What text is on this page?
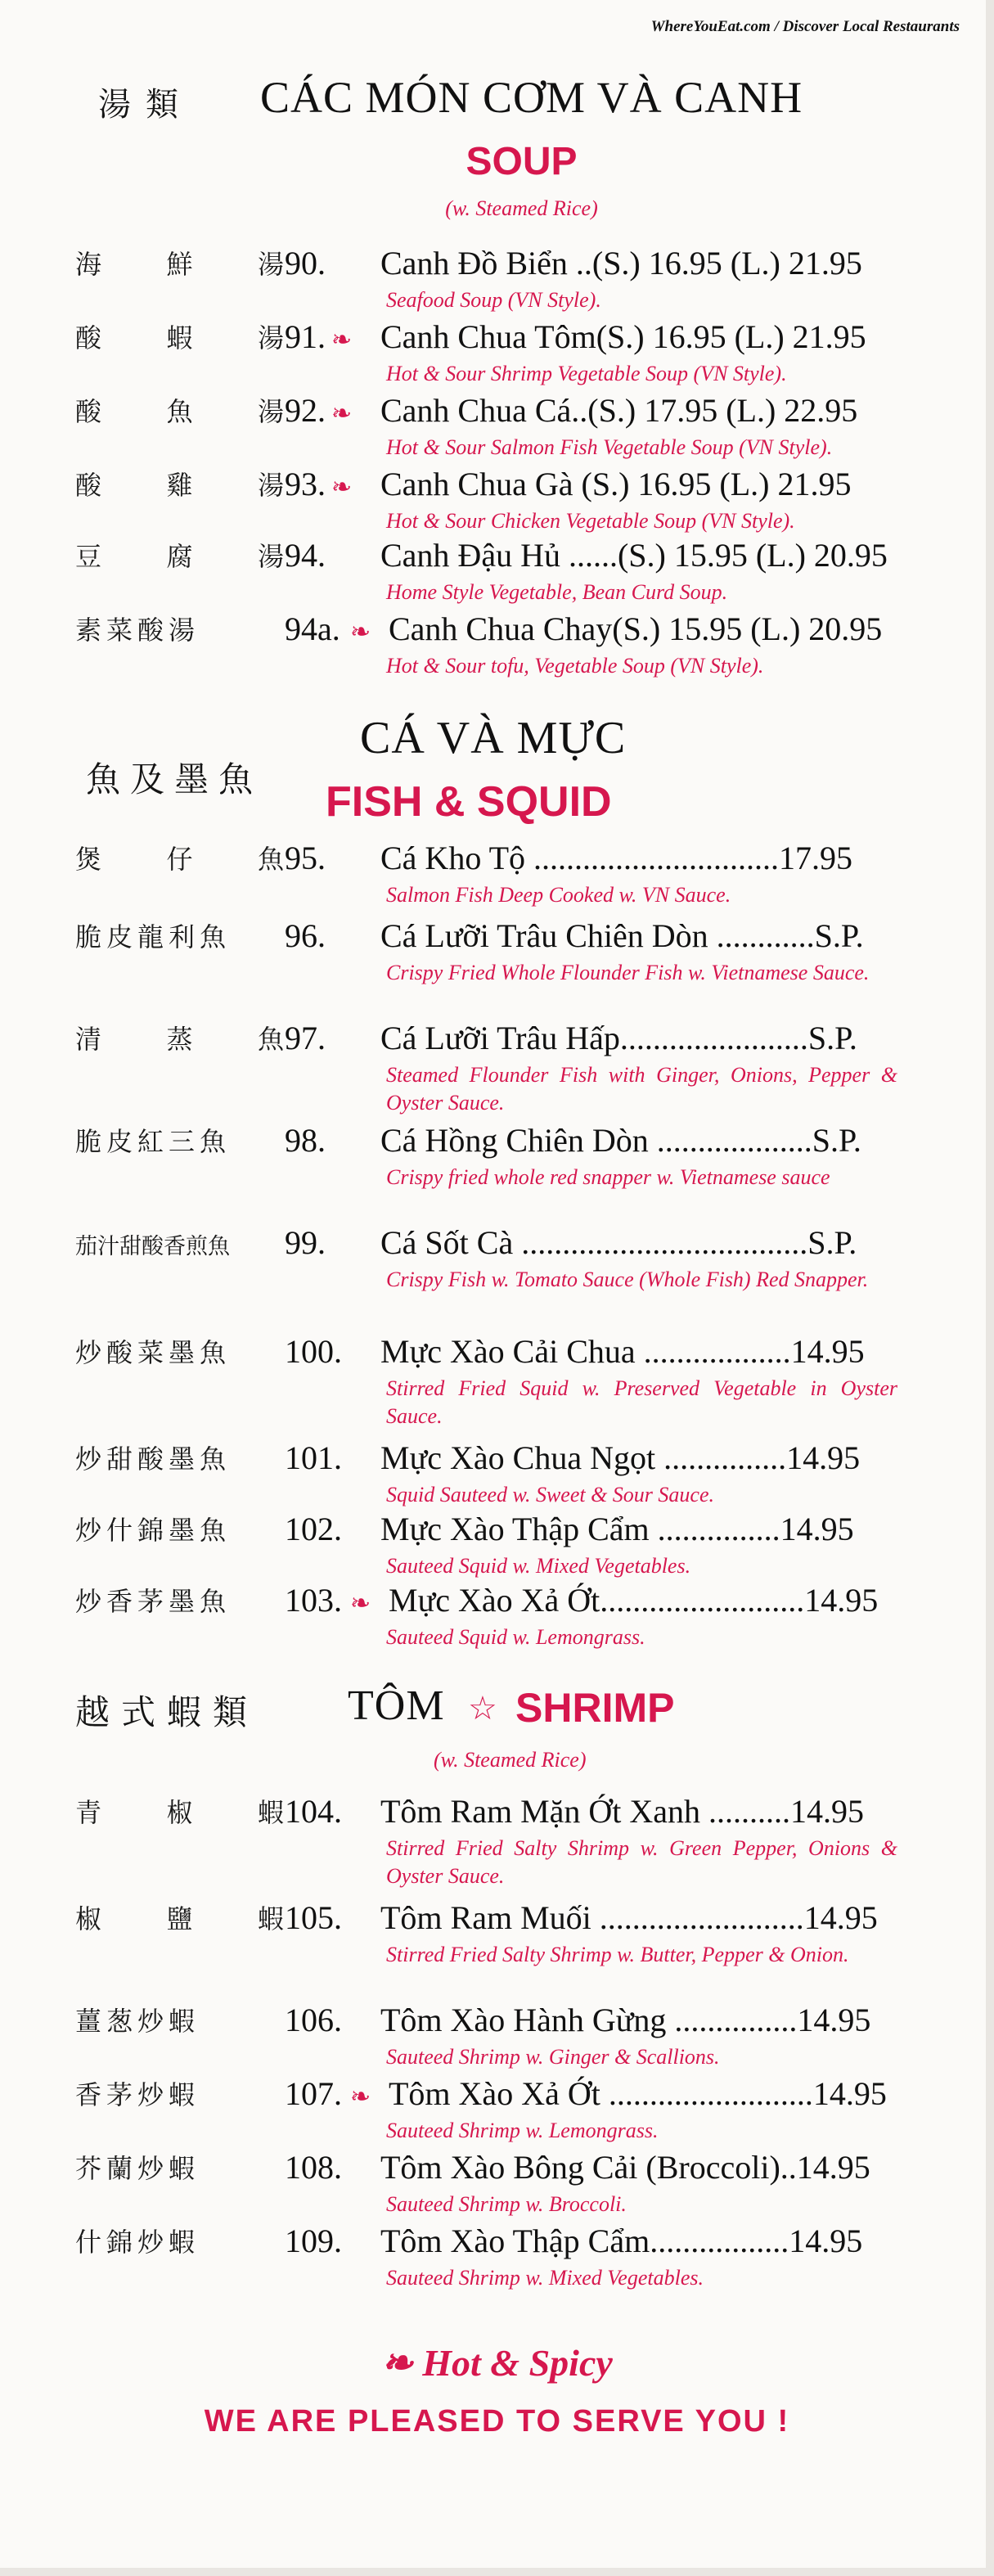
WhereYouEat.com / Discover Local Restaurants
湯類 CÁC MÓN CƠM VÀ CANH
SOUP
(w. Steamed Rice)
海 鮮 湯 90. Canh Đồ Biển ..(S.) 16.95 (L.) 21.95
Seafood Soup (VN Style).
酸 蝦 湯 91. ❧ Canh Chua Tôm(S.) 16.95 (L.) 21.95
Hot & Sour Shrimp Vegetable Soup (VN Style).
酸 魚 湯 92. ❧ Canh Chua Cá..(S.) 17.95 (L.) 22.95
Hot & Sour Salmon Fish Vegetable Soup (VN Style).
酸 雞 湯 93. ❧ Canh Chua Gà (S.) 16.95 (L.) 21.95
Hot & Sour Chicken Vegetable Soup (VN Style).
豆 腐 湯 94. Canh Đậu Hủ ......(S.) 15.95 (L.) 20.95
Home Style Vegetable, Bean Curd Soup.
素菜酸湯	94a. ❧ Canh Chua Chay(S.) 15.95 (L.) 20.95
Hot & Sour tofu, Vegetable Soup (VN Style).
CÁ VÀ MỰC
魚及墨魚 FISH & SQUID
煲 仔 魚 95. Cá Kho Tộ ..............................17.95
Salmon Fish Deep Cooked w. VN Sauce.
脆皮龍利魚	96. Cá Lưỡi Trâu Chiên Dòn ............S.P.
Crispy Fried Whole Flounder Fish w. Vietnamese Sauce.
清 蒸 魚 97. Cá Lưỡi Trâu Hấp.......................S.P.
Steamed Flounder Fish with Ginger, Onions, Pepper & Oyster Sauce.
脆皮紅三魚	98. Cá Hồng Chiên Dòn ...................S.P.
Crispy fried whole red snapper w. Vietnamese sauce
茄汁甜酸香煎魚	99. Cá Sốt Cà ...................................S.P.
Crispy Fish w. Tomato Sauce (Whole Fish) Red Snapper.
炒酸菜墨魚	100. Mực Xào Cải Chua ..................14.95
Stirred Fried Squid w. Preserved Vegetable in Oyster Sauce.
炒甜酸墨魚	101. Mực Xào Chua Ngọt ...............14.95
Squid Sauteed w. Sweet & Sour Sauce.
炒什錦墨魚	102. Mực Xào Thập Cẩm ...............14.95
Sauteed Squid w. Mixed Vegetables.
炒香茅墨魚	103. ❧ Mực Xào Xả Ớt.........................14.95
Sauteed Squid w. Lemongrass.
越式蝦類 TÔM ☆ SHRIMP
(w. Steamed Rice)
青 椒 蝦 104. Tôm Ram Mặn Ớt Xanh ..........14.95
Stirred Fried Salty Shrimp w. Green Pepper, Onions & Oyster Sauce.
椒 鹽 蝦 105. Tôm Ram Muối .........................14.95
Stirred Fried Salty Shrimp w. Butter, Pepper & Onion.
薑葱炒蝦	106. Tôm Xào Hành Gừng ...............14.95
Sauteed Shrimp w. Ginger & Scallions.
香茅炒蝦	107. ❧ Tôm Xào Xả Ớt .........................14.95
Sauteed Shrimp w. Lemongrass.
芥蘭炒蝦	108. Tôm Xào Bông Cải (Broccoli)..14.95
Sauteed Shrimp w. Broccoli.
什錦炒蝦	109. Tôm Xào Thập Cẩm.................14.95
Sauteed Shrimp w. Mixed Vegetables.
❧ Hot & Spicy
WE ARE PLEASED TO SERVE YOU !
